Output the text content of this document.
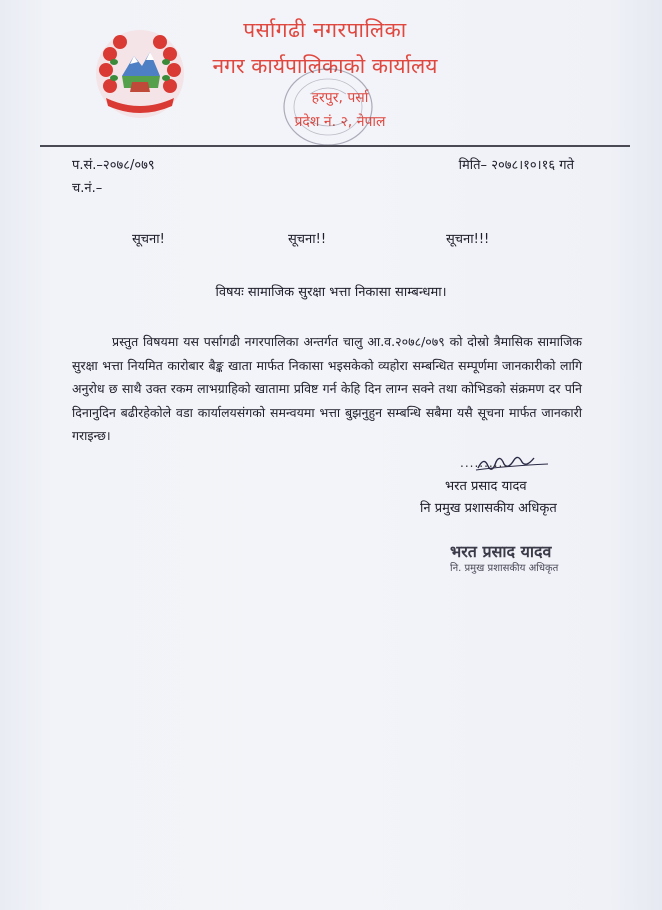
पर्सागढी नगरपालिका
नगर कार्यपालिकाको कार्यालय
हरपुर, पर्सा
प्रदेश नं. २, नेपाल
प.सं.–२०७८/०७९
च.नं.–
मिति– २०७८।१०।१६ गते
सूचना!	सूचना!!	सूचना!!!
विषयः सामाजिक सुरक्षा भत्ता निकासा साम्बन्धमा।
प्रस्तुत विषयमा यस पर्सागढी नगरपालिका अन्तर्गत चालु आ.व.२०७८/०७९ को दोस्रो त्रैमासिक सामाजिक सुरक्षा भत्ता नियमित कारोबार बैङ्क खाता मार्फत निकासा भइसकेको व्यहोरा सम्बन्धित सम्पूर्णमा जानकारीको लागि अनुरोध छ साथै उक्त रकम लाभग्राहिको खातामा प्रविष्ट गर्न केहि दिन लाग्न सक्ने तथा कोभिडको संक्रमण दर पनि दिनानुदिन बढीरहेकोले वडा कार्यालयसंगको समन्वयमा भत्ता बुझनुहुन सम्बन्धि सबैमा यसै सूचना मार्फत जानकारी गराइन्छ।
..........
भरत प्रसाद यादव
नि प्रमुख प्रशासकीय अधिकृत
भरत प्रसाद यादव
नि. प्रमुख प्रशासकीय अधिकृत
